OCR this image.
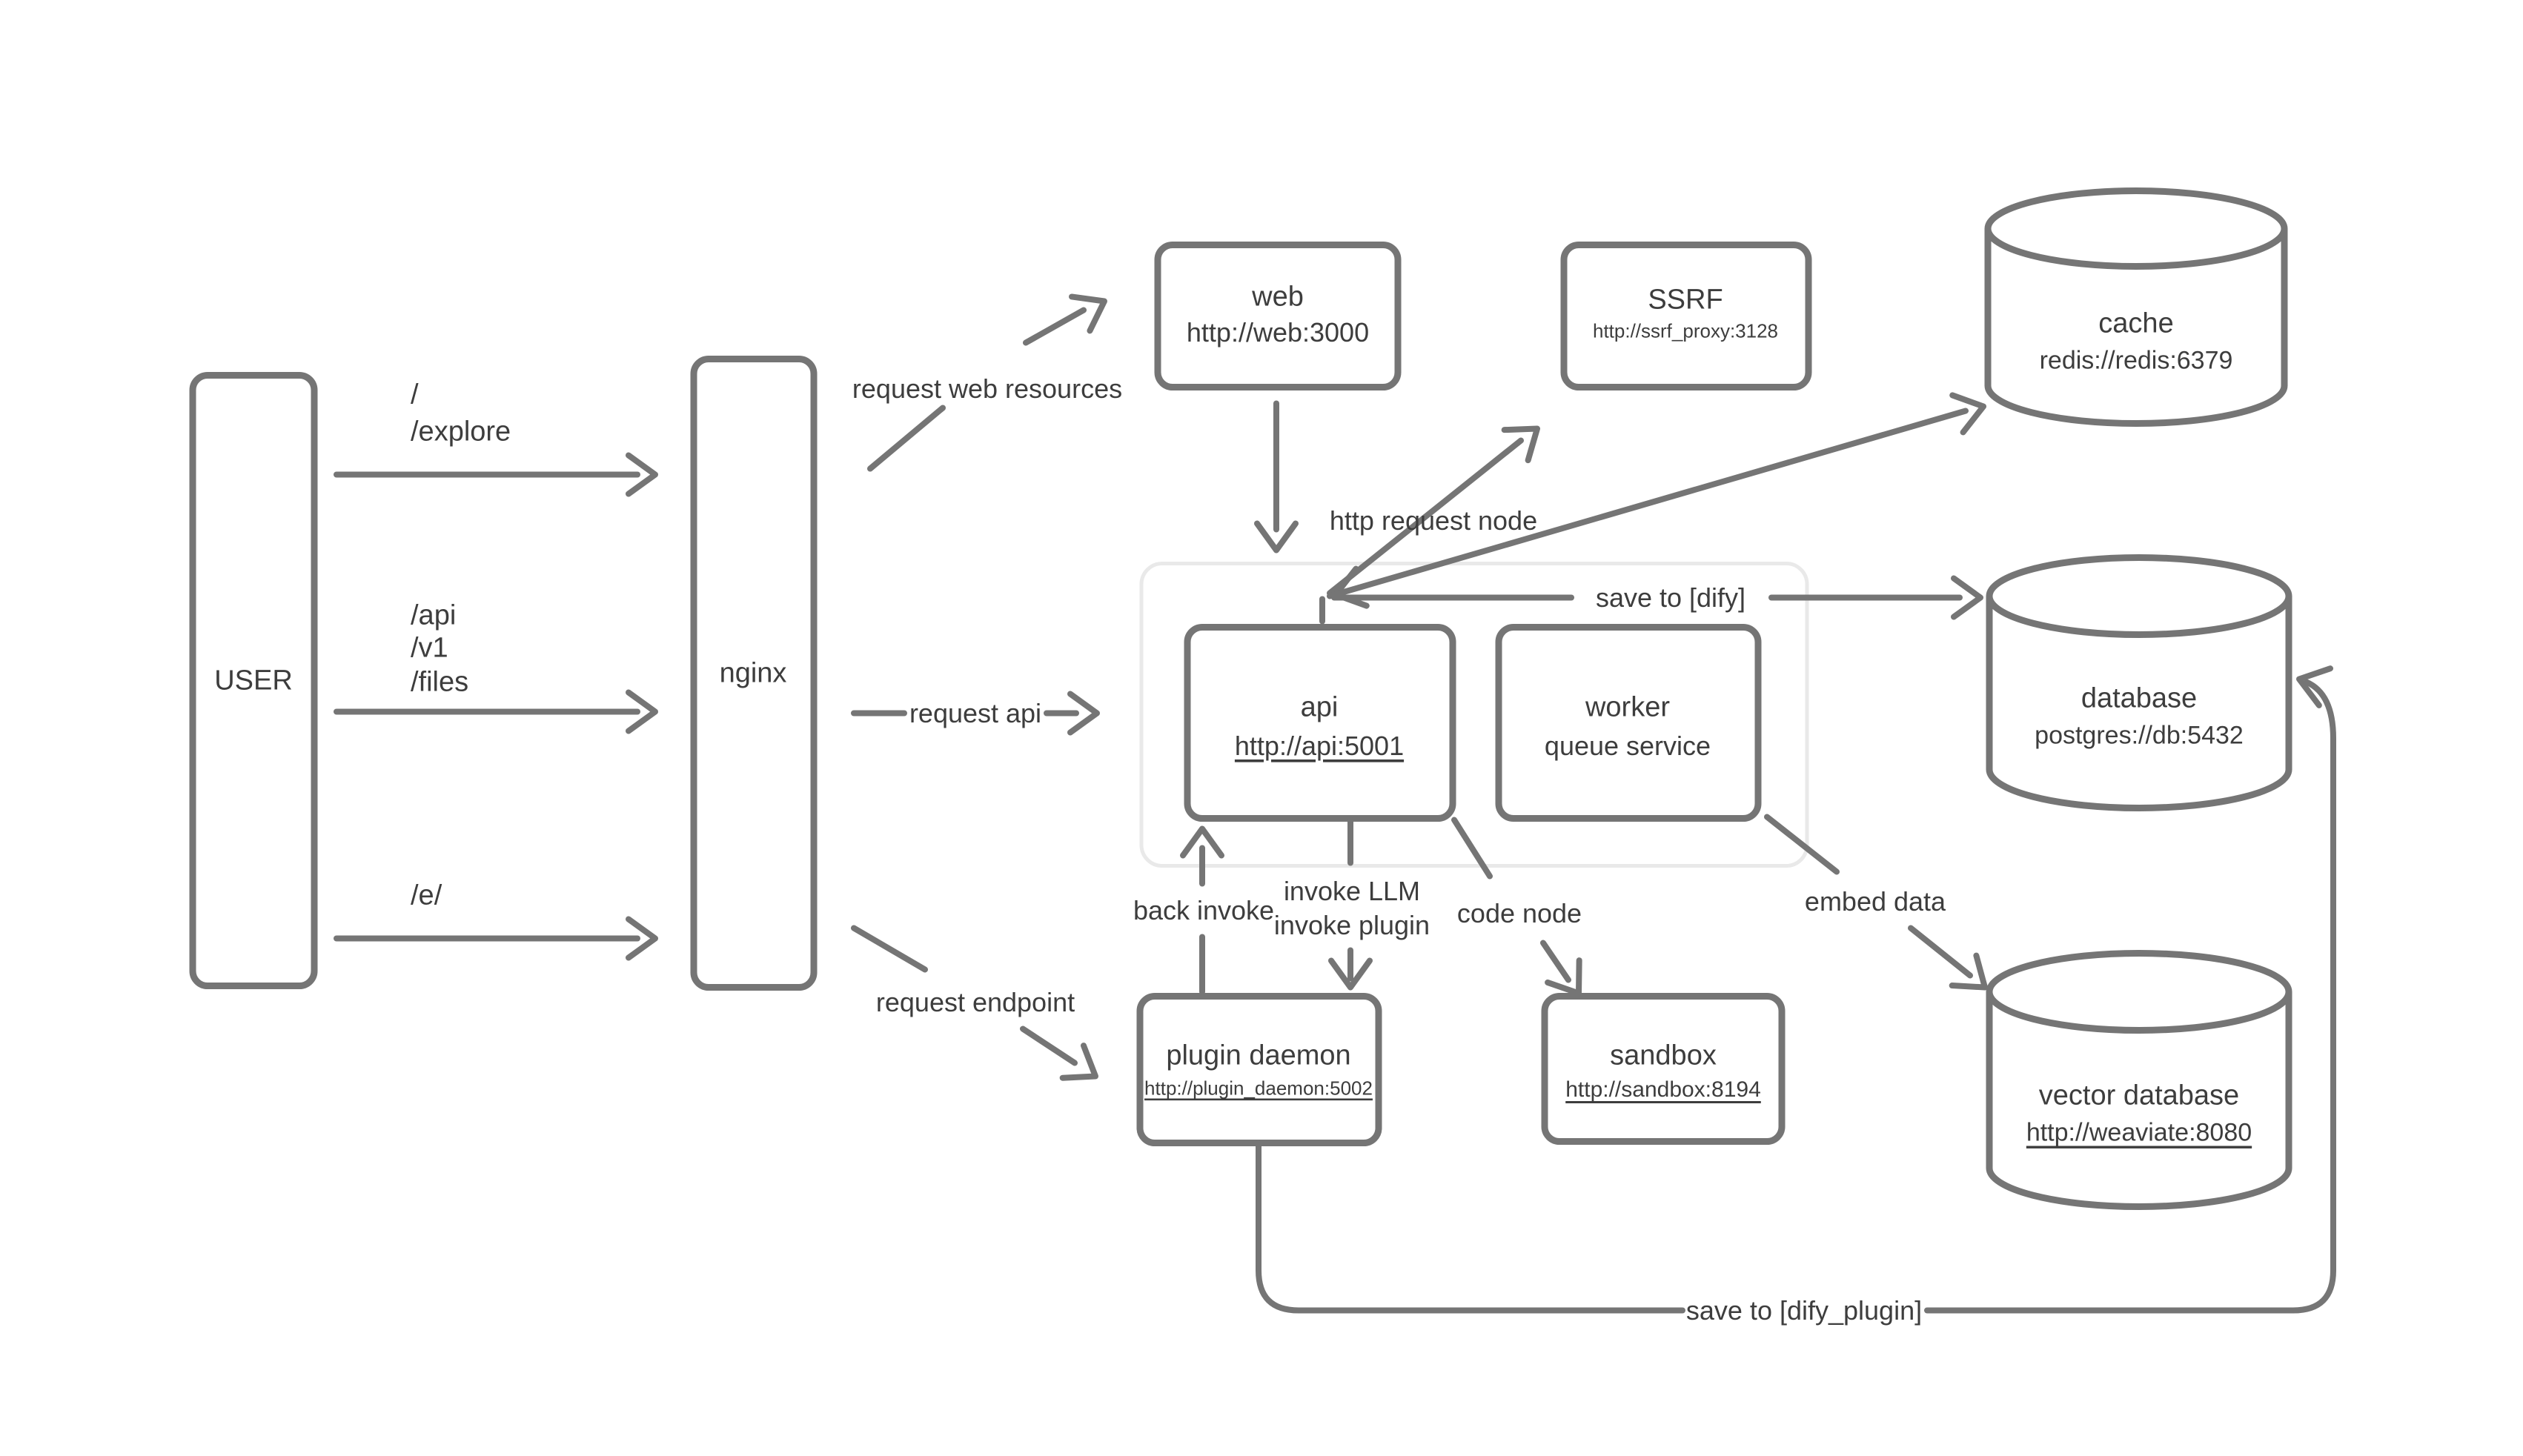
USER	nginx
/
/explore
/api
/v1
/files
/e/
request web resources
request api
request endpoint
web
http://web:3000
SSRF
http://ssrf_proxy:3128	cache
redis://redis:6379
api
http://api:5001
worker
queue service
http request node
save to [dify]
database
postgres://db:5432
back invoke
invoke LLM
invoke plugin code node	embed data
plugin daemon
http://plugin_daemon:5002
sandbox
http://sandbox:8194	vector database
http://weaviate:8080
save to [dify_plugin]
